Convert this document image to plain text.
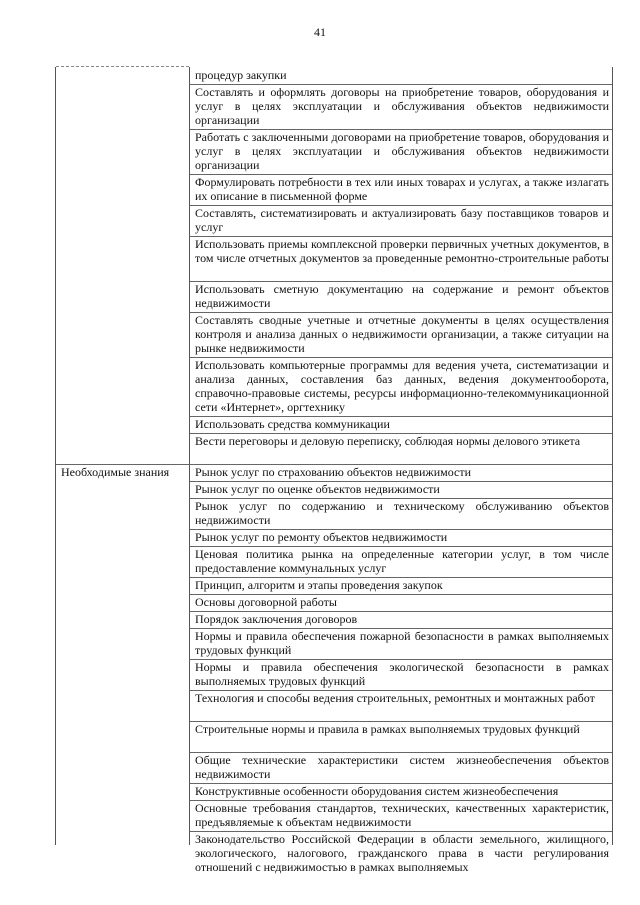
41
процедур закупки
Составлять и оформлять договоры на приобретение товаров, оборудования и услуг в целях эксплуатации и обслуживания объектов недвижимости организации
Работать с заключенными договорами на приобретение товаров, оборудования и услуг в целях эксплуатации и обслуживания объектов недвижимости организации
Формулировать потребности в тех или иных товарах и услугах, а также излагать их описание в письменной форме
Составлять, систематизировать и актуализировать базу поставщиков товаров и услуг
Использовать приемы комплексной проверки первичных учетных документов, в том числе отчетных документов за проведенные ремонтно-строительные работы
Использовать сметную документацию на содержание и ремонт объектов недвижимости
Составлять сводные учетные и отчетные документы в целях осуществления контроля и анализа данных о недвижимости организации, а также ситуации на рынке недвижимости
Использовать компьютерные программы для ведения учета, систематизации и анализа данных, составления баз данных, ведения документооборота, справочно-правовые системы, ресурсы информационно-телекоммуникационной сети «Интернет», оргтехнику
Использовать средства коммуникации
Вести переговоры и деловую переписку, соблюдая нормы делового этикета
Необходимые знания	Рынок услуг по страхованию объектов недвижимости
Рынок услуг по оценке объектов недвижимости
Рынок услуг по содержанию и техническому обслуживанию объектов недвижимости
Рынок услуг по ремонту объектов недвижимости
Ценовая политика рынка на определенные категории услуг, в том числе предоставление коммунальных услуг
Принцип, алгоритм и этапы проведения закупок
Основы договорной работы
Порядок заключения договоров
Нормы и правила обеспечения пожарной безопасности в рамках выполняемых трудовых функций
Нормы и правила обеспечения экологической безопасности в рамках выполняемых трудовых функций
Технология и способы ведения строительных, ремонтных и монтажных работ
Строительные нормы и правила в рамках выполняемых трудовых функций
Общие технические характеристики систем жизнеобеспечения объектов недвижимости
Конструктивные особенности оборудования систем жизнеобеспечения
Основные требования стандартов, технических, качественных характеристик, предъявляемые к объектам недвижимости
Законодательство Российской Федерации в области земельного, жилищного, экологического, налогового, гражданского права в части регулирования отношений с недвижимостью в рамках выполняемых
